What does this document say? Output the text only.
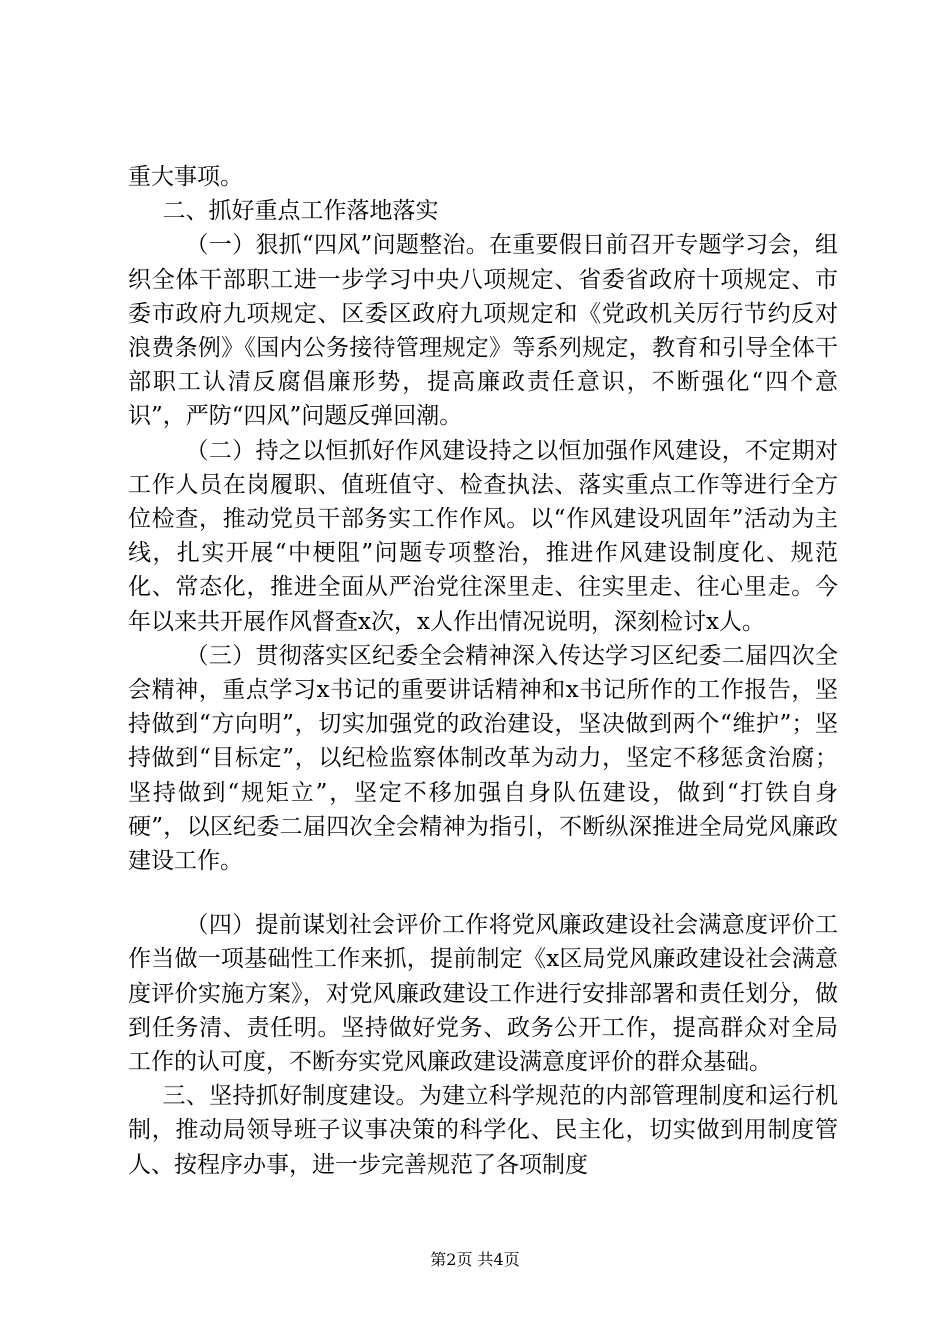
重大事项。

二、抓好重点工作落地落实

（一）狠抓“四风”问题整治。在重要假日前召开专题学习会，组织全体干部职工进一步学习中央八项规定、省委省政府十项规定、市委市政府九项规定、区委区政府九项规定和《党政机关厉行节约反对浪费条例》《国内公务接待管理规定》等系列规定，教育和引导全体干部职工认清反腐倡廉形势，提高廉政责任意识，不断强化“四个意识”，严防“四风”问题反弹回潮。

（二）持之以恒抓好作风建设持之以恒加强作风建设，不定期对工作人员在岗履职、值班值守、检查执法、落实重点工作等进行全方位检查，推动党员干部务实工作作风。以“作风建设巩固年”活动为主线，扎实开展“中梗阻”问题专项整治，推进作风建设制度化、规范化、常态化，推进全面从严治党往深里走、往实里走、往心里走。今年以来共开展作风督查x次，x人作出情况说明，深刻检讨x人。

（三）贯彻落实区纪委全会精神深入传达学习区纪委二届四次全会精神，重点学习x书记的重要讲话精神和x书记所作的工作报告，坚持做到“方向明”，切实加强党的政治建设，坚决做到两个“维护”；坚持做到“目标定”，以纪检监察体制改革为动力，坚定不移惩贪治腐；坚持做到“规矩立”，坚定不移加强自身队伍建设，做到“打铁自身硬”，以区纪委二届四次全会精神为指引，不断纵深推进全局党风廉政建设工作。

（四）提前谋划社会评价工作将党风廉政建设社会满意度评价工作当做一项基础性工作来抓，提前制定《x区局党风廉政建设社会满意度评价实施方案》，对党风廉政建设工作进行安排部署和责任划分，做到任务清、责任明。坚持做好党务、政务公开工作，提高群众对全局工作的认可度，不断夯实党风廉政建设满意度评价的群众基础。

三、坚持抓好制度建设。为建立科学规范的内部管理制度和运行机制，推动局领导班子议事决策的科学化、民主化，切实做到用制度管人、按程序办事，进一步完善规范了各项制度

第2页 共4页
